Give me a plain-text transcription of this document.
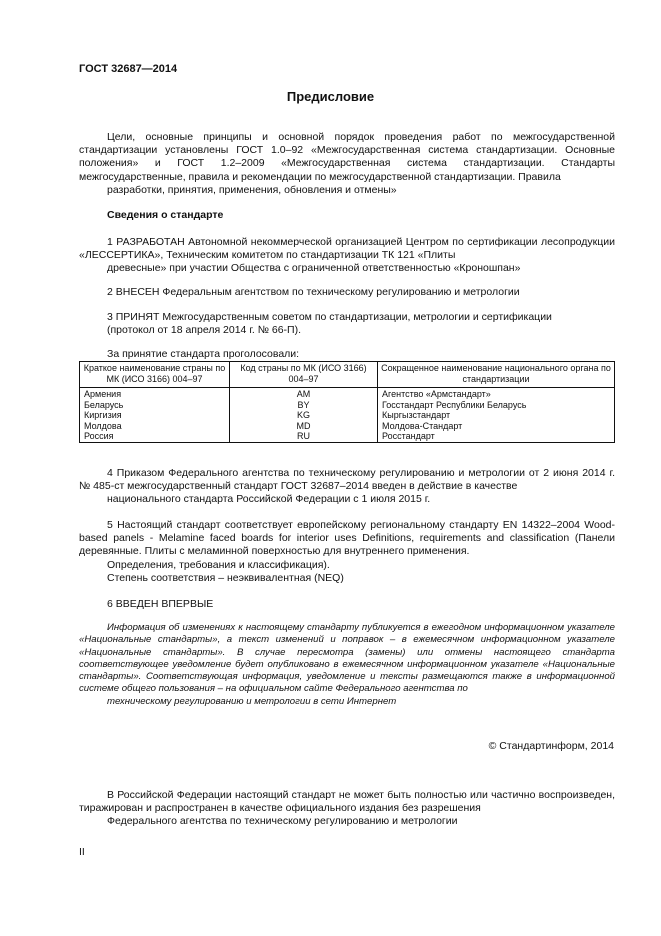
ГОСТ 32687—2014
Предисловие
Цели, основные принципы и основной порядок проведения работ по межгосударственной стандартизации установлены ГОСТ 1.0–92 «Межгосударственная система стандартизации. Основные положения» и ГОСТ 1.2–2009 «Межгосударственная система стандартизации. Стандарты межгосударственные, правила и рекомендации по межгосударственной стандартизации. Правила
разработки, принятия, применения, обновления и отмены»
Сведения о стандарте
1 РАЗРАБОТАН Автономной некоммерческой организацией Центром по сертификации лесопродукции «ЛЕССЕРТИКА», Техническим комитетом по стандартизации ТК 121 «Плиты
древесные» при участии Общества с ограниченной ответственностью «Кроношпан»
2 ВНЕСЕН Федеральным агентством по техническому регулированию и метрологии
3 ПРИНЯТ Межгосударственным советом по стандартизации, метрологии и сертификации
(протокол от 18 апреля 2014 г. № 66-П).
За принятие стандарта проголосовали:
Краткое наименование страны по МК (ИСО 3166) 004–97	Код страны по МК (ИСО 3166) 004–97	Сокращенное наименование национального органа по стандартизации
Армения	AM	Агентство «Армстандарт»
Беларусь	BY	Госстандарт Республики Беларусь
Киргизия	KG	Кыргызстандарт
Молдова	MD	Молдова-Стандарт
Россия	RU	Росстандарт
4 Приказом Федерального агентства по техническому регулированию и метрологии от 2 июня 2014 г. № 485-ст межгосударственный стандарт ГОСТ 32687–2014 введен в действие в качестве
национального стандарта Российской Федерации с 1 июля 2015 г.
5 Настоящий стандарт соответствует европейскому региональному стандарту EN 14322–2004 Wood-based panels - Melamine faced boards for interior uses Definitions, requirements and classification (Панели деревянные. Плиты с меламинной поверхностью для внутреннего применения.
Определения, требования и классификация).
Степень соответствия – неэквивалентная (NEQ)
6 ВВЕДЕН ВПЕРВЫЕ
Информация об изменениях к настоящему стандарту публикуется в ежегодном информационном указателе «Национальные стандарты», а текст изменений и поправок – в ежемесячном информационном указателе «Национальные стандарты». В случае пересмотра (замены) или отмены настоящего стандарта соответствующее уведомление будет опубликовано в ежемесячном информационном указателе «Национальные стандарты». Соответствующая информация, уведомление и тексты размещаются также в информационной системе общего пользования – на официальном сайте Федерального агентства по
техническому регулированию и метрологии в сети Интернет
© Стандартинформ, 2014
В Российской Федерации настоящий стандарт не может быть полностью или частично воспроизведен, тиражирован и распространен в качестве официального издания без разрешения
Федерального агентства по техническому регулированию и метрологии
II
